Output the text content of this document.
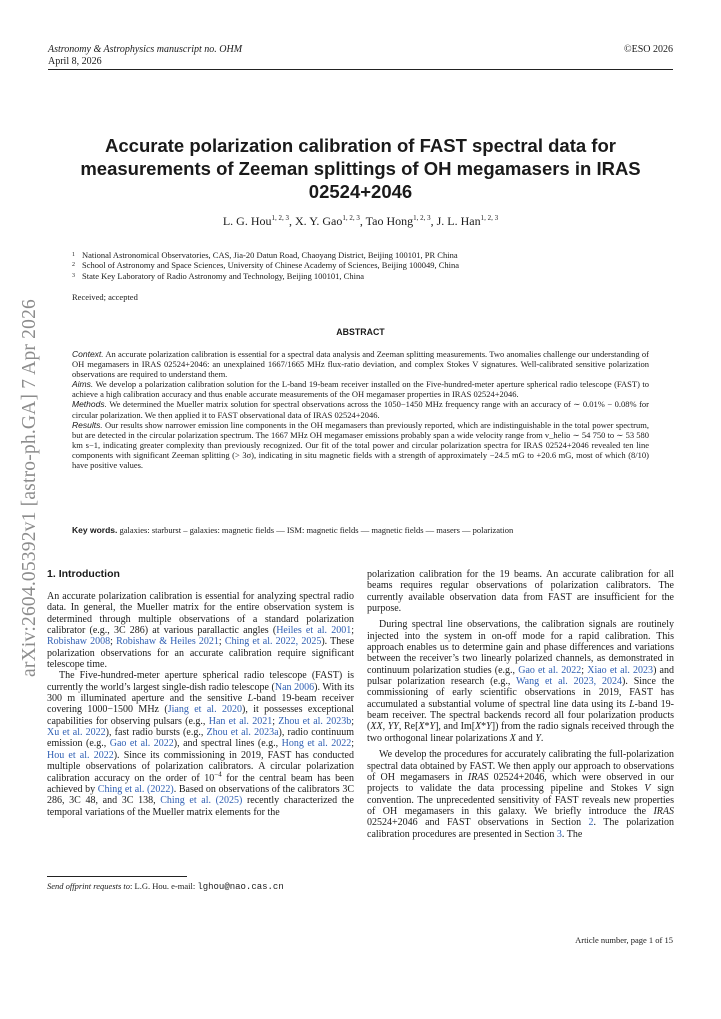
Astronomy & Astrophysics manuscript no. OHM
April 8, 2026
©ESO 2026
arXiv:2604.05392v1 [astro-ph.GA] 7 Apr 2026
Accurate polarization calibration of FAST spectral data for measurements of Zeeman splittings of OH megamasers in IRAS 02524+2046
L. G. Hou$^{1, 2, 3}$, X. Y. Gao$^{1, 2, 3}$, Tao Hong$^{1, 2, 3}$, J. L. Han$^{1, 2, 3}$
1 National Astronomical Observatories, CAS, Jia-20 Datun Road, Chaoyang District, Beijing 100101, PR China
2 School of Astronomy and Space Sciences, University of Chinese Academy of Sciences, Beijing 100049, China
3 State Key Laboratory of Radio Astronomy and Technology, Beijing 100101, China
Received; accepted
ABSTRACT
Context. An accurate polarization calibration is essential for a spectral data analysis and Zeeman splitting measurements. Two anomalies challenge our understanding of OH megamasers in IRAS 02524+2046: an unexplained 1667/1665 MHz flux-ratio deviation, and complex Stokes V signatures. Well-calibrated sensitive polarization observations are required to understand them.
Aims. We develop a polarization calibration solution for the L-band 19-beam receiver installed on the Five-hundred-meter aperture spherical radio telescope (FAST) to achieve a high calibration accuracy and thus enable accurate measurements of the OH megamaser properties in IRAS 02524+2046.
Methods. We determined the Mueller matrix solution for spectral observations across the 1050−1450 MHz frequency range with an accuracy of ∼ 0.01% − 0.08% for circular polarization. We then applied it to FAST observational data of IRAS 02524+2046.
Results. Our results show narrower emission line components in the OH megamasers than previously reported, which are indistinguishable in the total power spectrum, but are detected in the circular polarization spectrum. The 1667 MHz OH megamaser emissions probably span a wide velocity range from v_helio ∼ 54 750 to ∼ 53 580 km s−1, indicating greater complexity than previously recognized. Our fit of the total power and circular polarization spectra for IRAS 02524+2046 revealed ten line components with significant Zeeman splitting (> 3σ), indicating in situ magnetic fields with a strength of approximately −24.5 mG to +20.6 mG, most of which (8/10) have positive values.
Key words. galaxies: starburst – galaxies: magnetic fields — ISM: magnetic fields — magnetic fields — masers — polarization
1. Introduction

An accurate polarization calibration is essential for analyzing spectral radio data. In general, the Mueller matrix for the entire observation system is determined through multiple observations of a standard polarization calibrator (e.g., 3C 286) at various parallactic angles (Heiles et al. 2001; Robishaw 2008; Robishaw & Heiles 2021; Ching et al. 2022, 2025). These polarization observations for an accurate calibration require significant telescope time.

The Five-hundred-meter aperture spherical radio telescope (FAST) is currently the world’s largest single-dish radio telescope (Nan 2006). With its 300 m illuminated aperture and the sensitive L-band 19-beam receiver covering 1000−1500 MHz (Jiang et al. 2020), it possesses exceptional capabilities for observing pulsars (e.g., Han et al. 2021; Zhou et al. 2023b; Xu et al. 2022), fast radio bursts (e.g., Zhou et al. 2023a), radio continuum emission (e.g., Gao et al. 2022), and spectral lines (e.g., Hong et al. 2022; Hou et al. 2022). Since its commissioning in 2019, FAST has conducted multiple observations of polarization calibrators. A circular polarization calibration accuracy on the order of $10^{-4}$ for the central beam has been achieved by Ching et al. (2022). Based on observations of the calibrators 3C 286, 3C 48, and 3C 138, Ching et al. (2025) recently characterized the temporal variations of the Mueller matrix elements for the

Send offprint requests to: L.G. Hou. e-mail: lghou@nao.cas.cn

polarization calibration for the 19 beams. An accurate calibration for all beams requires regular observations of polarization calibrators. The currently available observation data from FAST are insufficient for the purpose.

During spectral line observations, the calibration signals are routinely injected into the system in on-off mode for a rapid calibration. This approach enables us to determine gain and phase differences and variations between the receiver’s two linearly polarized channels, as demonstrated in continuum polarization studies (e.g., Gao et al. 2022; Xiao et al. 2023) and pulsar polarization research (e.g., Wang et al. 2023, 2024). Since the commissioning of early scientific observations in 2019, FAST has accumulated a substantial volume of spectral line data using its L-band 19-beam receiver. The spectral backends record all four polarization products (XX, YY, Re[X*Y], and Im[X*Y]) from the radio signals received through the two orthogonal linear polarizations X and Y.

We develop the procedures for accurately calibrating the full-polarization spectral data obtained by FAST. We then apply our approach to observations of OH megamasers in IRAS 02524+2046, which were observed in our projects to validate the data processing pipeline and Stokes V sign convention. The unprecedented sensitivity of FAST reveals new properties of OH megamasers in this galaxy. We briefly introduce the IRAS 02524+2046 and FAST observations in Section 2. The polarization calibration procedures are presented in Section 3. The

Article number, page 1 of 15
